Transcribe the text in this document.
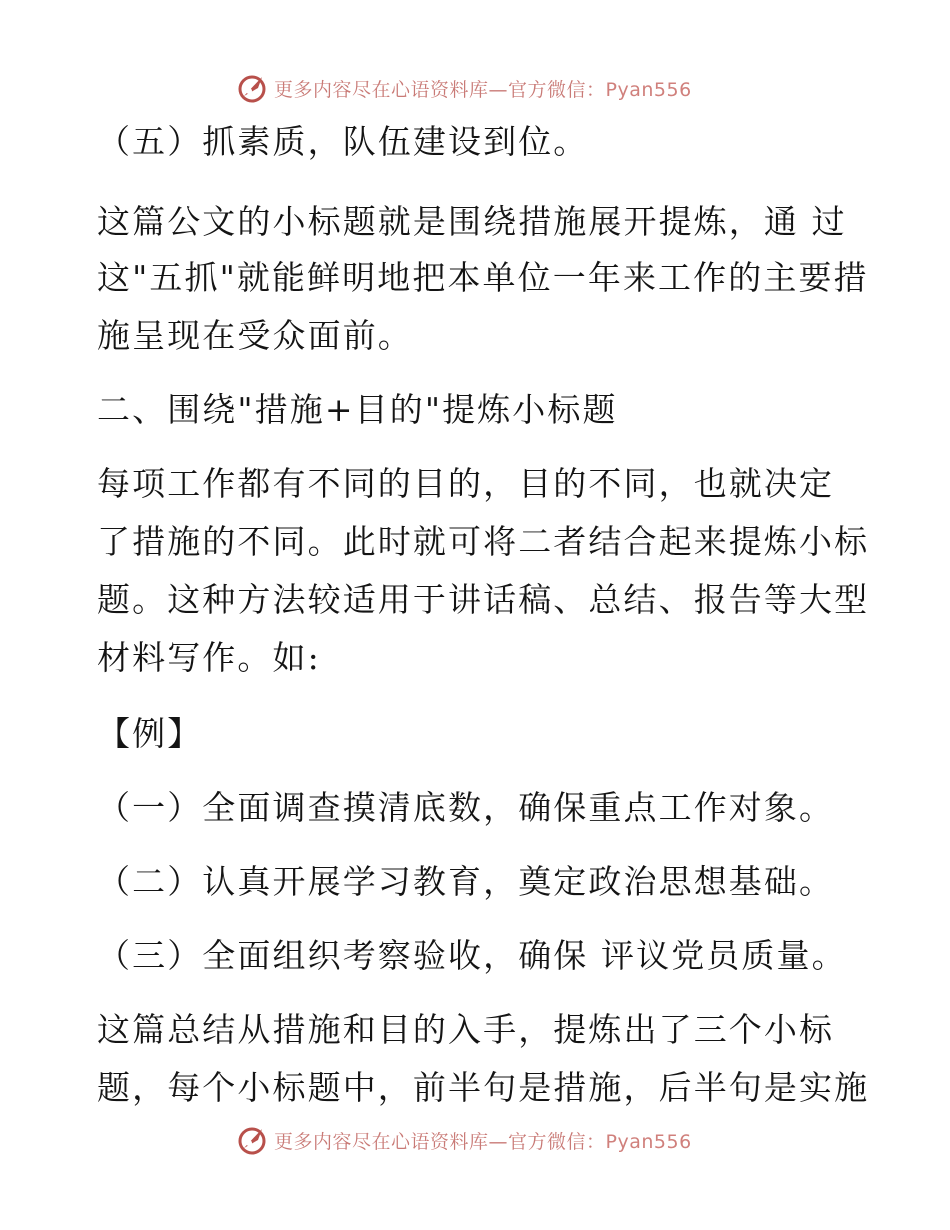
更多内容尽在心语资料库—官方微信：Pyan556
（五）抓素质，队伍建设到位。
这篇公文的小标题就是围绕措施展开提炼，通 过
这"五抓"就能鲜明地把本单位一年来工作的主要措
施呈现在受众面前。
二、围绕"措施+目的"提炼小标题
每项工作都有不同的目的，目的不同，也就决定
了措施的不同。此时就可将二者结合起来提炼小标
题。这种方法较适用于讲话稿、总结、报告等大型
材料写作。如:
【例】
（一）全面调查摸清底数，确保重点工作对象。
（二）认真开展学习教育，奠定政治思想基础。
（三）全面组织考察验收，确保 评议党员质量。
这篇总结从措施和目的入手，提炼出了三个小标
题，每个小标题中，前半句是措施，后半句是实施
更多内容尽在心语资料库—官方微信：Pyan556
